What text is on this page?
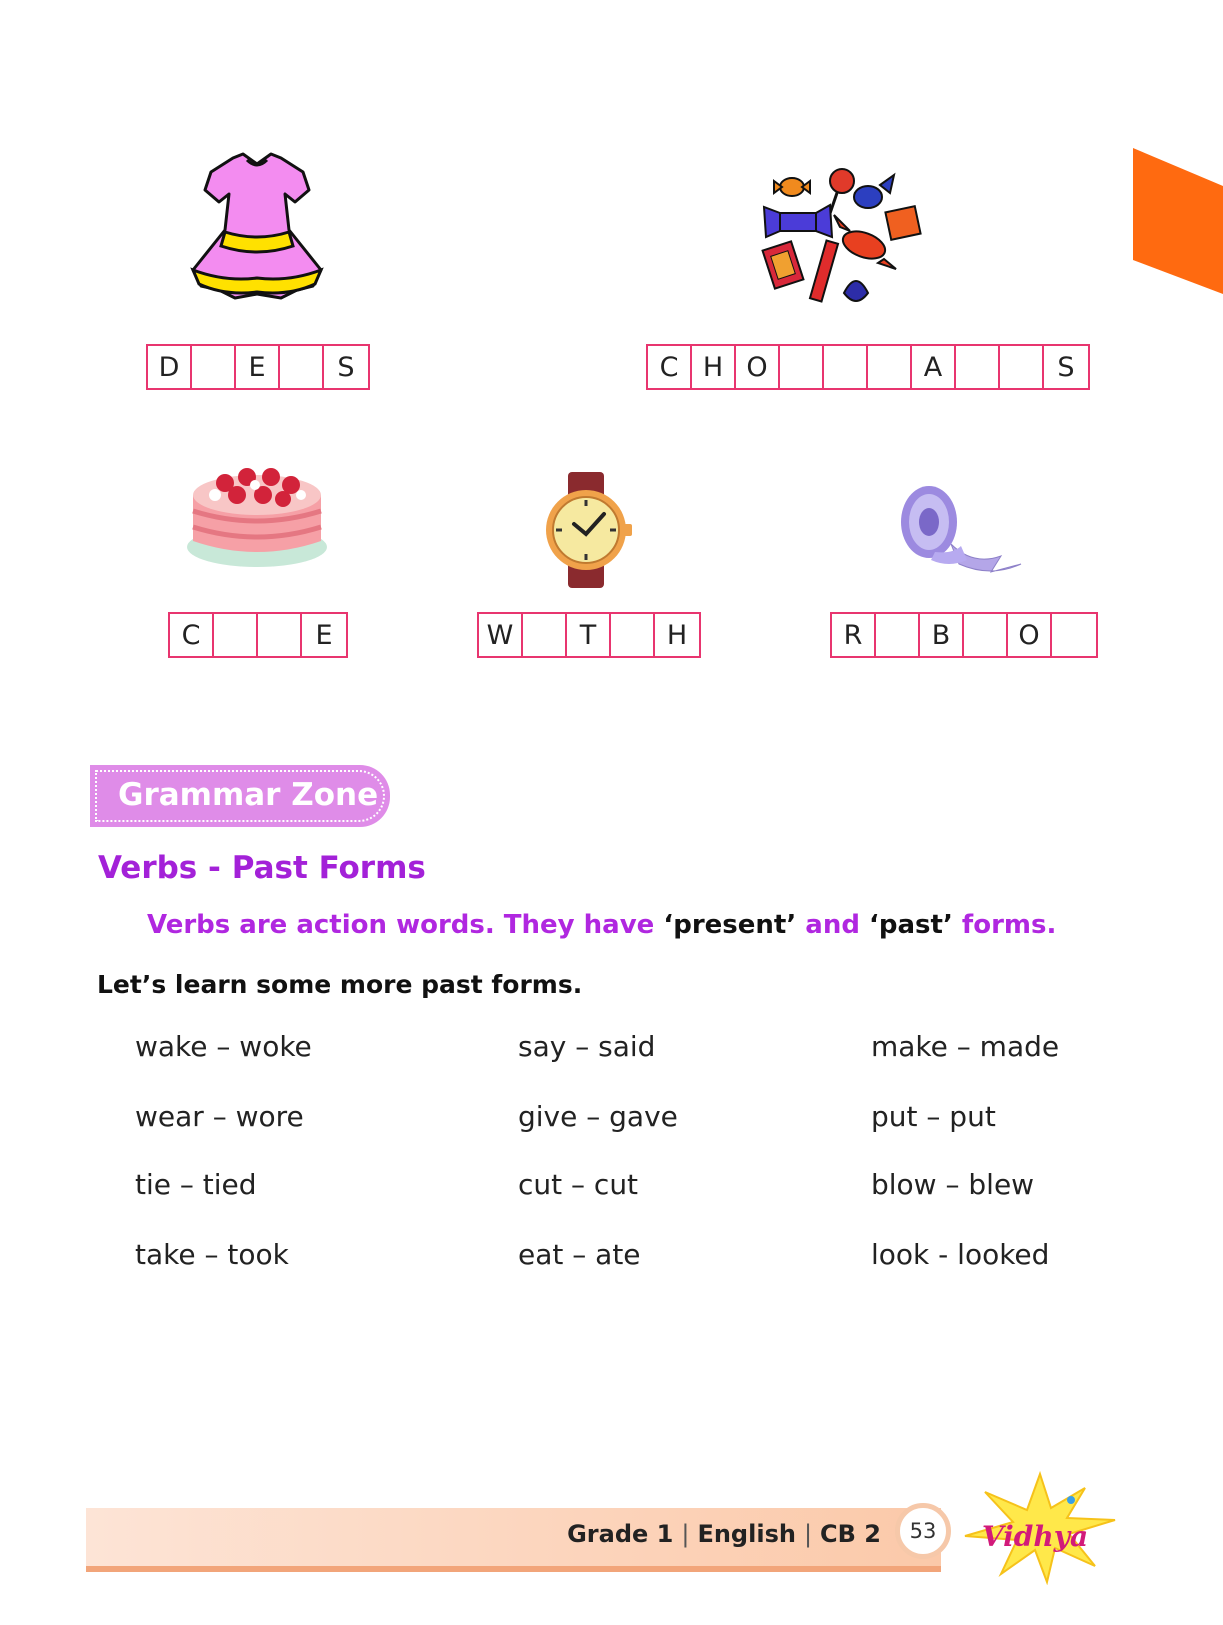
D	E	S	C H O	A	S
C	E	W	T	H	R	B	O
Grammar Zone
Verbs - Past Forms
Verbs are action words. They have ‘present’ and ‘past’ forms.
Let’s learn some more past forms.
wake – woke	say – said	make – made
wear – wore	give – gave	put – put
tie – tied	cut – cut	blow – blew
take – took	eat – ate	look - looked
Grade 1 | English | CB 2	53	Vidhya
